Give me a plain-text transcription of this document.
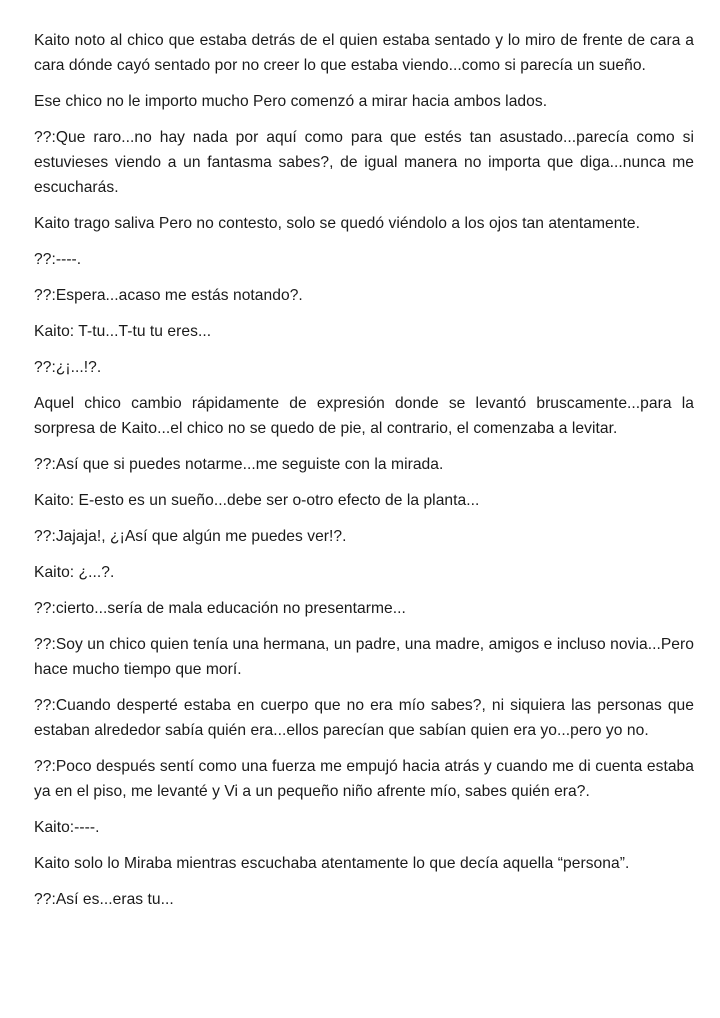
Kaito noto al chico que estaba detrás de el quien estaba sentado y lo miro de frente de cara a cara dónde cayó sentado por no creer lo que estaba viendo...como si parecía un sueño.

Ese chico no le importo mucho Pero comenzó a mirar hacia ambos lados.

??:Que raro...no hay nada por aquí como para que estés tan asustado...parecía como si estuvieses viendo a un fantasma sabes?, de igual manera no importa que diga...nunca me escucharás.

Kaito trago saliva Pero no contesto, solo se quedó viéndolo a los ojos tan atentamente.

??:----.

??:Espera...acaso me estás notando?.

Kaito: T-tu...T-tu tu eres...

??:¿¡...!?.

Aquel chico cambio rápidamente de expresión donde se levantó bruscamente...para la sorpresa de Kaito...el chico no se quedo de pie, al contrario, el comenzaba a levitar.

??:Así que si puedes notarme...me seguiste con la mirada.

Kaito: E-esto es un sueño...debe ser o-otro efecto de la planta...

??:Jajaja!, ¿¡Así que algún me puedes ver!?.

Kaito: ¿...?.

??:cierto...sería de mala educación no presentarme...

??:Soy un chico quien tenía una hermana, un padre, una madre, amigos e incluso novia...Pero hace mucho tiempo que morí.

??:Cuando desperté estaba en cuerpo que no era mío sabes?, ni siquiera las personas que estaban alrededor sabía quién era...ellos parecían que sabían quien era yo...pero yo no.

??:Poco después sentí como una fuerza me empujó hacia atrás y cuando me di cuenta estaba ya en el piso, me levanté y Vi a un pequeño niño afrente mío, sabes quién era?.

Kaito:----.

Kaito solo lo Miraba mientras escuchaba atentamente lo que decía aquella “persona”.

??:Así es...eras tu...
